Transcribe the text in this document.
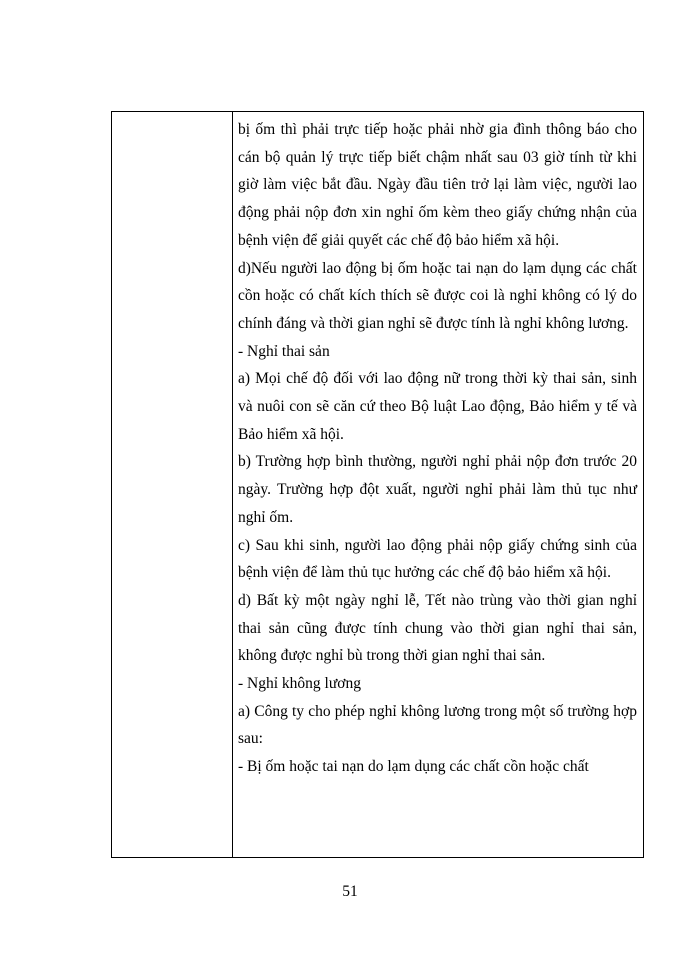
bị ốm thì phải trực tiếp hoặc phải nhờ gia đình thông báo cho cán bộ quản lý trực tiếp biết chậm nhất sau 03 giờ tính từ khi giờ làm việc bắt đầu. Ngày đầu tiên trở lại làm việc, người lao động phải nộp đơn xin nghỉ ốm kèm theo giấy chứng nhận của bệnh viện để giải quyết các chế độ bảo hiểm xã hội.

d)Nếu người lao động bị ốm hoặc tai nạn do lạm dụng các chất cồn hoặc có chất kích thích sẽ được coi là nghỉ không có lý do chính đáng và thời gian nghỉ sẽ được tính là nghỉ không lương.

- Nghỉ thai sản

a) Mọi chế độ đối với lao động nữ trong thời kỳ thai sản, sinh và nuôi con sẽ căn cứ theo Bộ luật Lao động, Bảo hiểm y tế và Bảo hiểm xã hội.

b) Trường hợp bình thường, người nghỉ phải nộp đơn trước 20 ngày. Trường hợp đột xuất, người nghỉ phải làm thủ tục như nghỉ ốm.

c) Sau khi sinh, người lao động phải nộp giấy chứng sinh của bệnh viện để làm thủ tục hưởng các chế độ bảo hiểm xã hội.

d) Bất kỳ một ngày nghỉ lễ, Tết nào trùng vào thời gian nghỉ thai sản cũng được tính chung vào thời gian nghỉ thai sản, không được nghỉ bù trong thời gian nghỉ thai sản.

- Nghỉ không lương

a) Công ty cho phép nghỉ không lương trong một số trường hợp sau:

- Bị ốm hoặc tai nạn do lạm dụng các chất cồn hoặc chất

51
